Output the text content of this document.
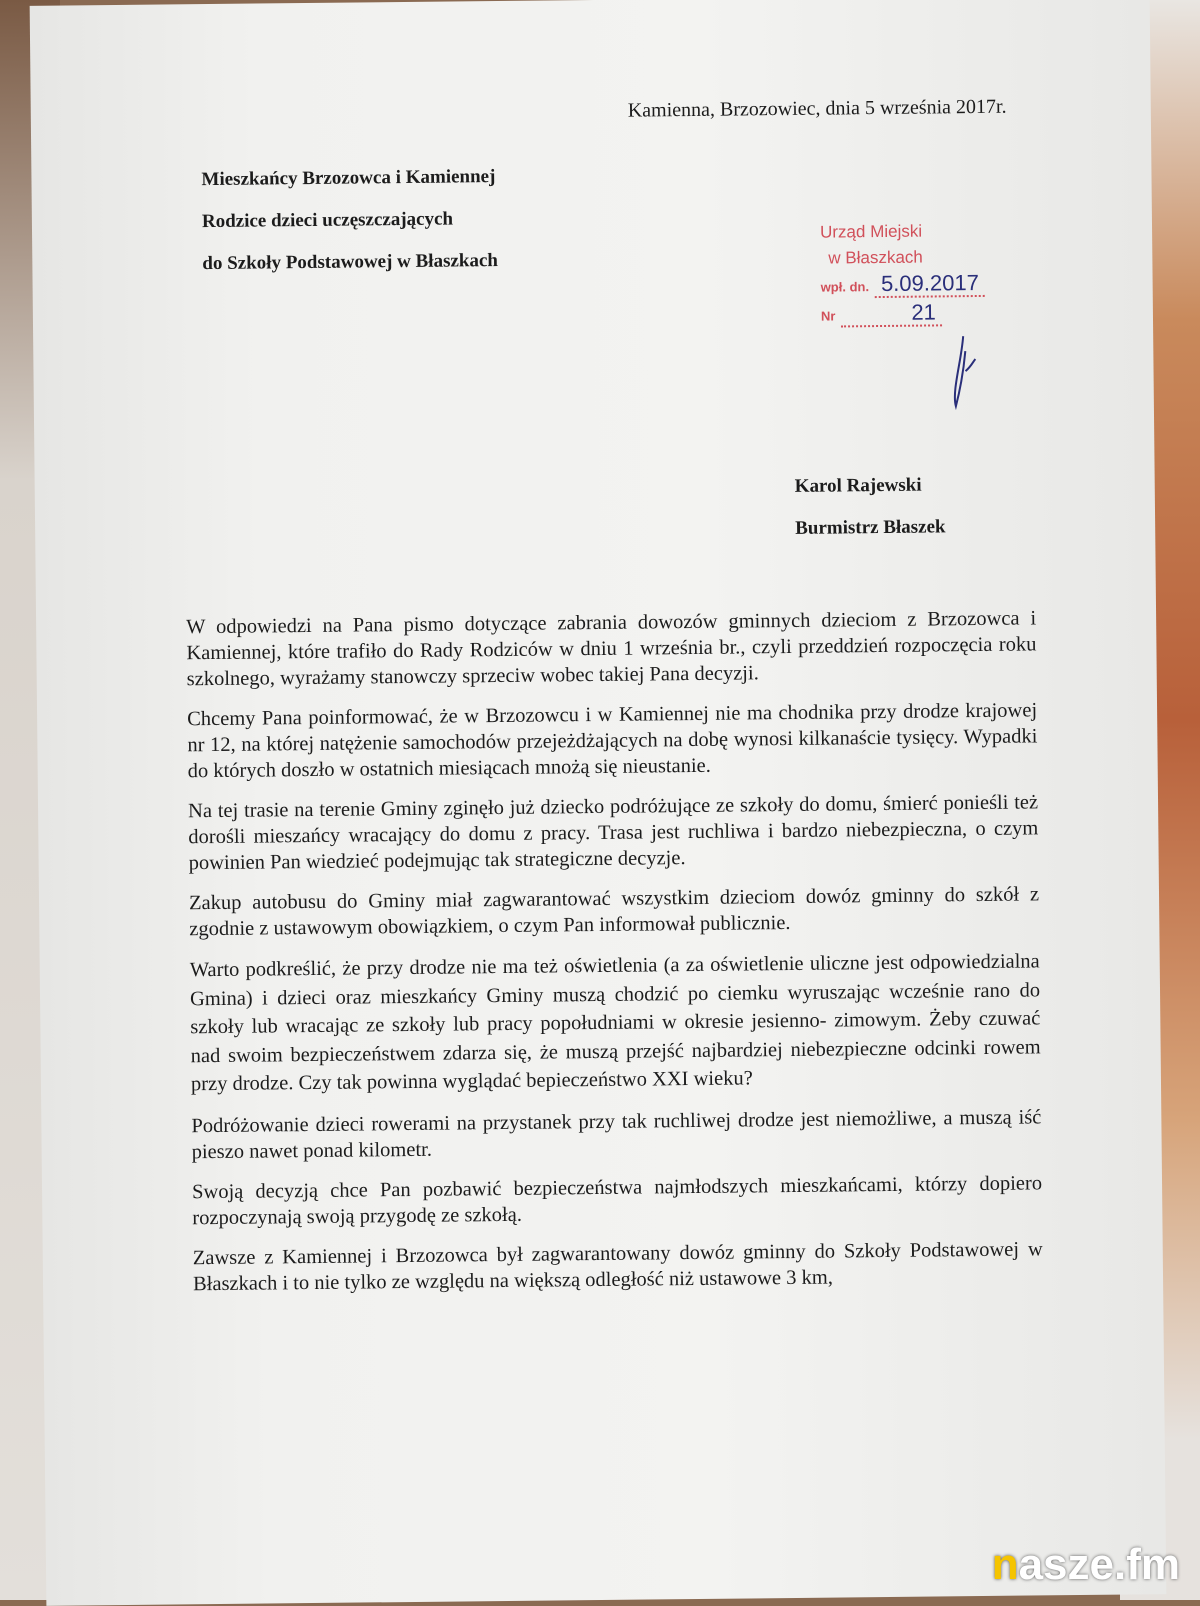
Kamienna, Brzozowiec, dnia 5 września 2017r.
Mieszkańcy Brzozowca i Kamiennej
Rodzice dzieci uczęszczających
do Szkoły Podstawowej w Błaszkach
Urząd Miejski
w Błaszkach
wpł. dn. 5.09.2017
Nr	21
Karol Rajewski
Burmistrz Błaszek

W odpowiedzi na Pana pismo dotyczące zabrania dowozów gminnych dzieciom z Brzozowca i Kamiennej, które trafiło do Rady Rodziców w dniu 1 września br., czyli przeddzień rozpoczęcia roku szkolnego, wyrażamy stanowczy sprzeciw wobec takiej Pana decyzji.

Chcemy Pana poinformować, że w Brzozowcu i w Kamiennej nie ma chodnika przy drodze krajowej nr 12, na której natężenie samochodów przejeżdżających na dobę wynosi kilkanaście tysięcy. Wypadki do których doszło w ostatnich miesiącach mnożą się nieustanie.

Na tej trasie na terenie Gminy zginęło już dziecko podróżujące ze szkoły do domu, śmierć ponieśli też dorośli mieszańcy wracający do domu z pracy. Trasa jest ruchliwa i bardzo niebezpieczna, o czym powinien Pan wiedzieć podejmując tak strategiczne decyzje.

Zakup autobusu do Gminy miał zagwarantować wszystkim dzieciom dowóz gminny do szkół z zgodnie z ustawowym obowiązkiem, o czym Pan informował publicznie.

Warto podkreślić, że przy drodze nie ma też oświetlenia (a za oświetlenie uliczne jest odpowiedzialna Gmina) i dzieci oraz mieszkańcy Gminy muszą chodzić po ciemku wyruszając wcześnie rano do szkoły lub wracając ze szkoły lub pracy popołudniami w okresie jesienno- zimowym. Żeby czuwać nad swoim bezpieczeństwem zdarza się, że muszą przejść najbardziej niebezpieczne odcinki rowem przy drodze. Czy tak powinna wyglądać bepieczeństwo XXI wieku?

Podróżowanie dzieci rowerami na przystanek przy tak ruchliwej drodze jest niemożliwe, a muszą iść pieszo nawet ponad kilometr.

Swoją decyzją chce Pan pozbawić bezpieczeństwa najmłodszych mieszkańcami, którzy dopiero rozpoczynają swoją przygodę ze szkołą.

Zawsze z Kamiennej i Brzozowca był zagwarantowany dowóz gminny do Szkoły Podstawowej w Błaszkach i to nie tylko ze względu na większą odległość niż ustawowe 3 km,

nasze.fm
